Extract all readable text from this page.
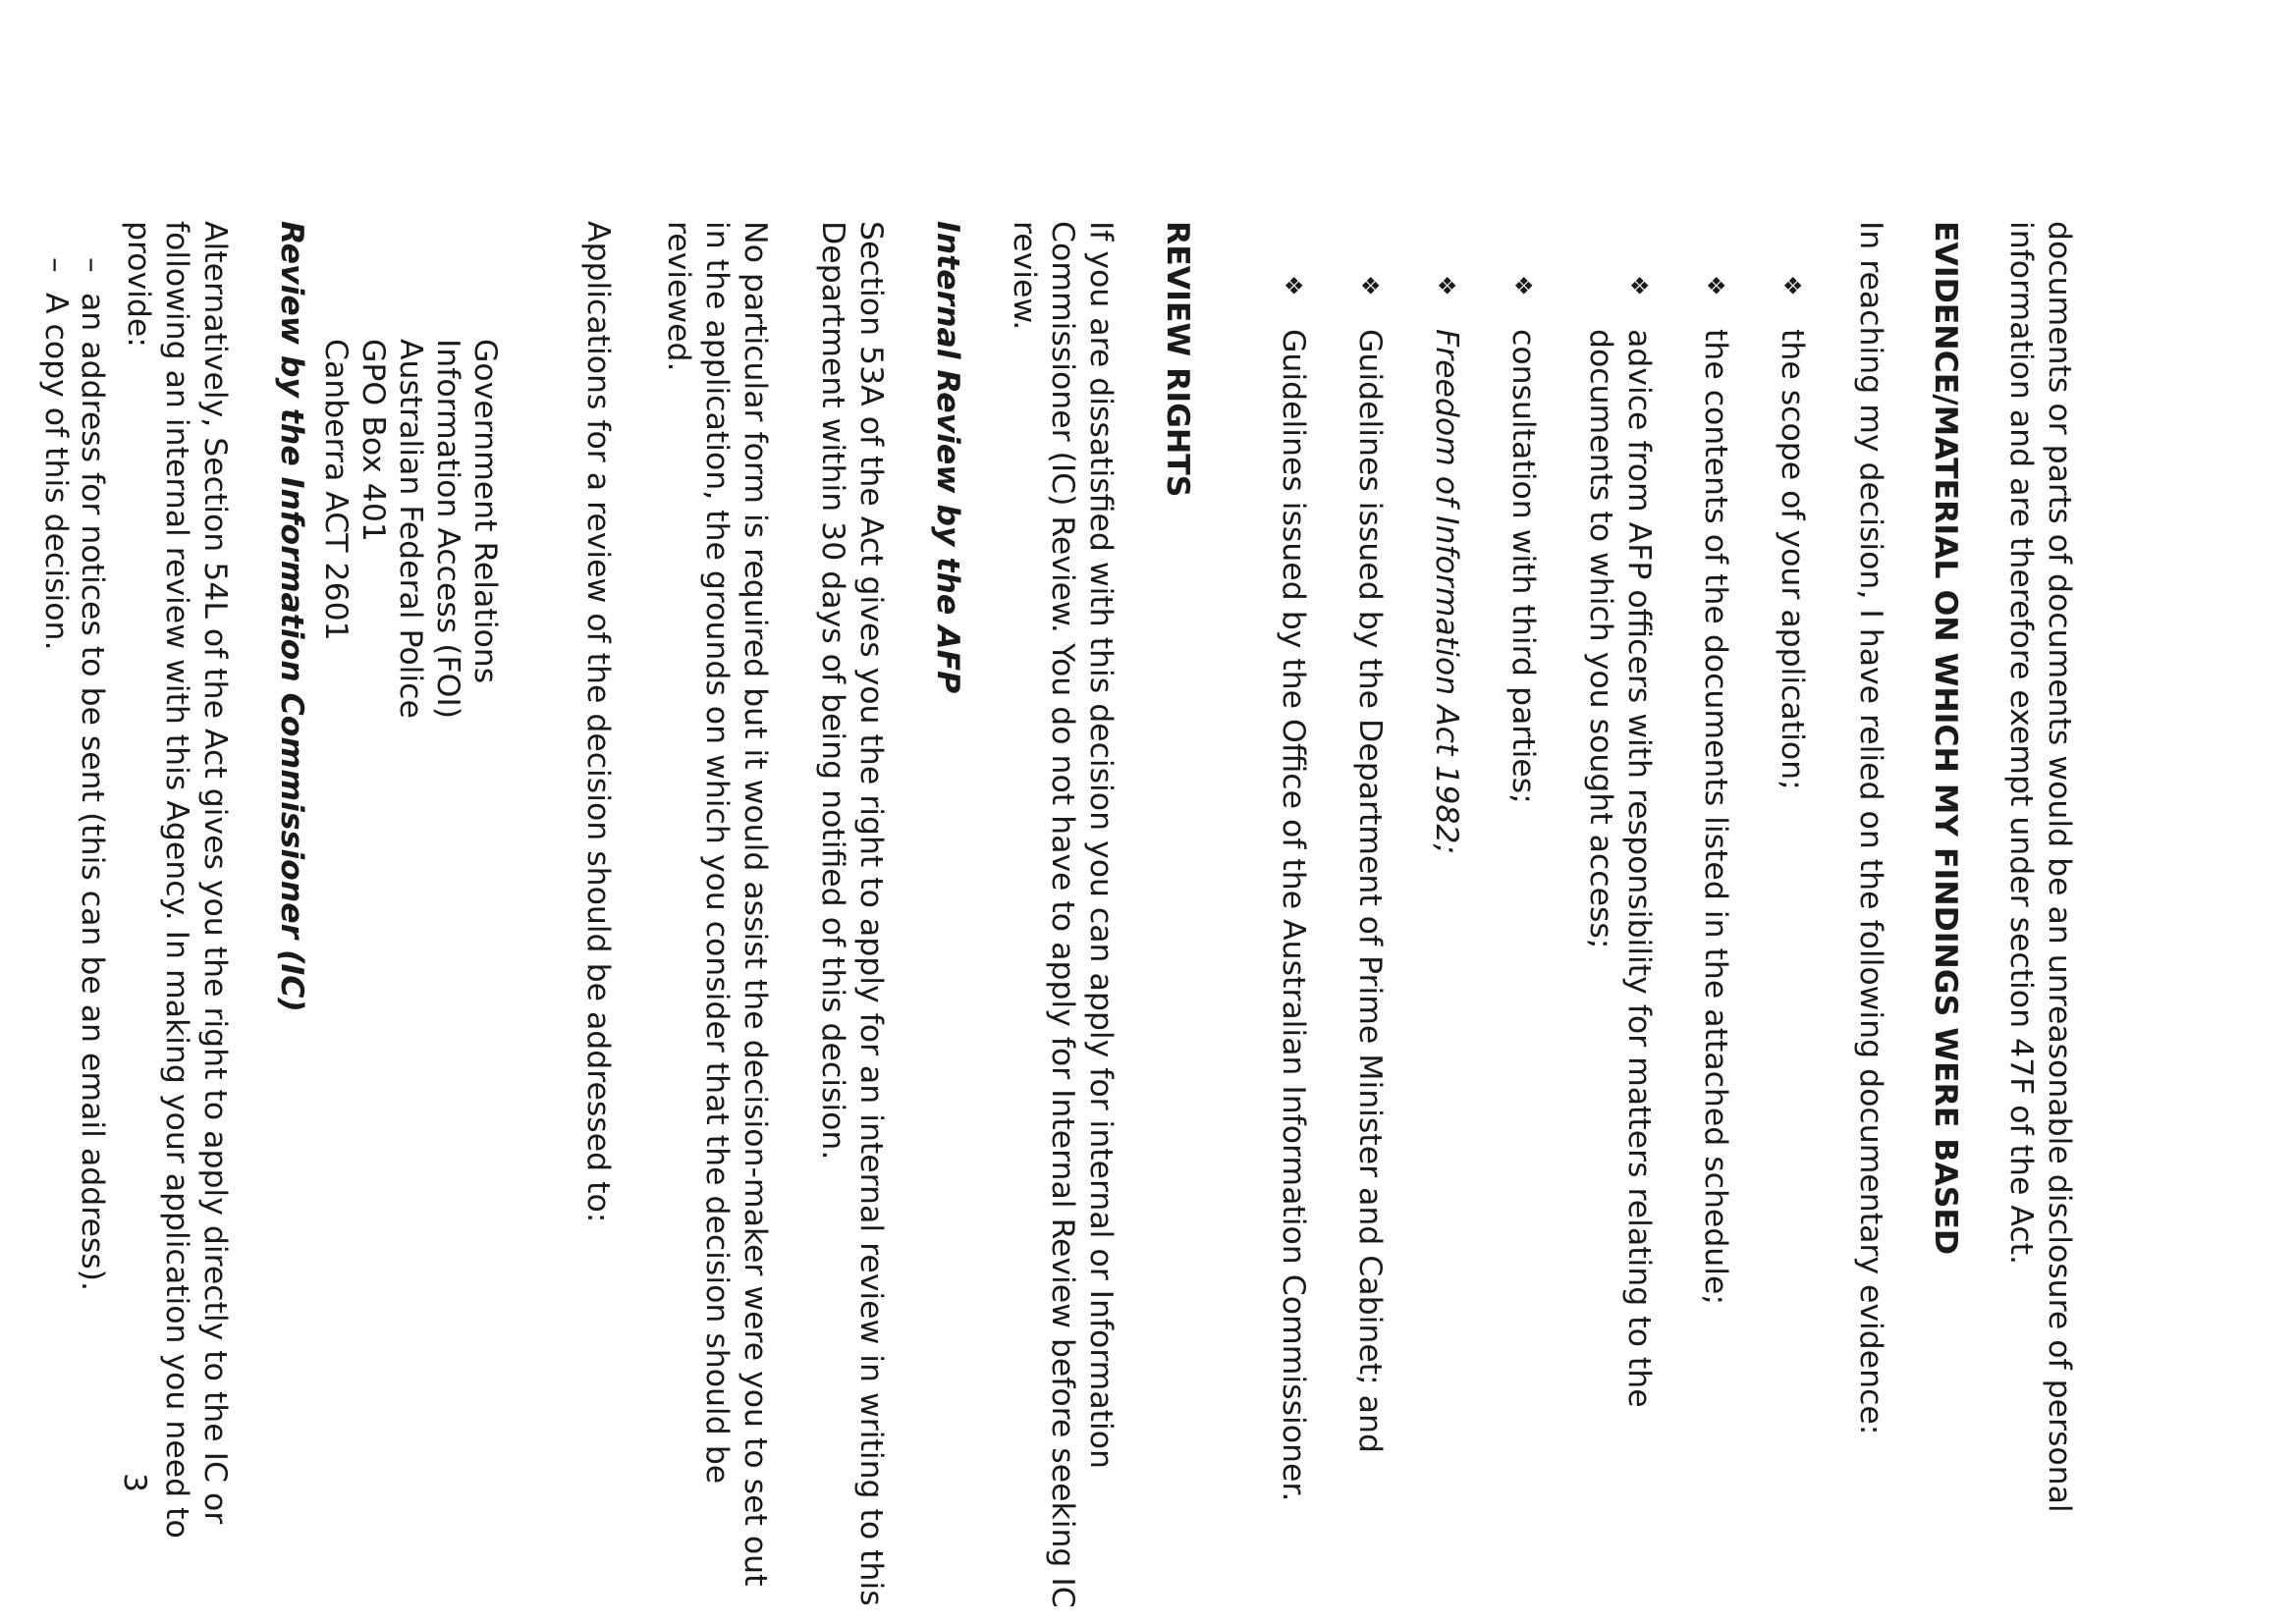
documents or parts of documents would be an unreasonable disclosure of personal information and are therefore exempt under section 47F of the Act.

EVIDENCE/MATERIAL ON WHICH MY FINDINGS WERE BASED

In reaching my decision, I have relied on the following documentary evidence:

❖
the scope of your application;
❖
the contents of the documents listed in the attached schedule;
❖
advice from AFP officers with responsibility for matters relating to the documents to which you sought access;
❖
consultation with third parties;
❖
Freedom of Information Act 1982;
❖
Guidelines issued by the Department of Prime Minister and Cabinet; and
❖
Guidelines issued by the Office of the Australian Information Commissioner.

REVIEW RIGHTS

If you are dissatisfied with this decision you can apply for internal or Information Commissioner (IC) Review. You do not have to apply for Internal Review before seeking IC review.

Internal Review by the AFP

Section 53A of the Act gives you the right to apply for an internal review in writing to this Department within 30 days of being notified of this decision.

No particular form is required but it would assist the decision-maker were you to set out in the application, the grounds on which you consider that the decision should be reviewed.

Applications for a review of the decision should be addressed to:

Government Relations
Information Access (FOI)
Australian Federal Police
GPO Box 401
Canberra ACT 2601

Review by the Information Commissioner (IC)

Alternatively, Section 54L of the Act gives you the right to apply directly to the IC or following an internal review with this Agency. In making your application you need to provide:

–
an address for notices to be sent (this can be an email address).
–
A copy of this decision.
3
